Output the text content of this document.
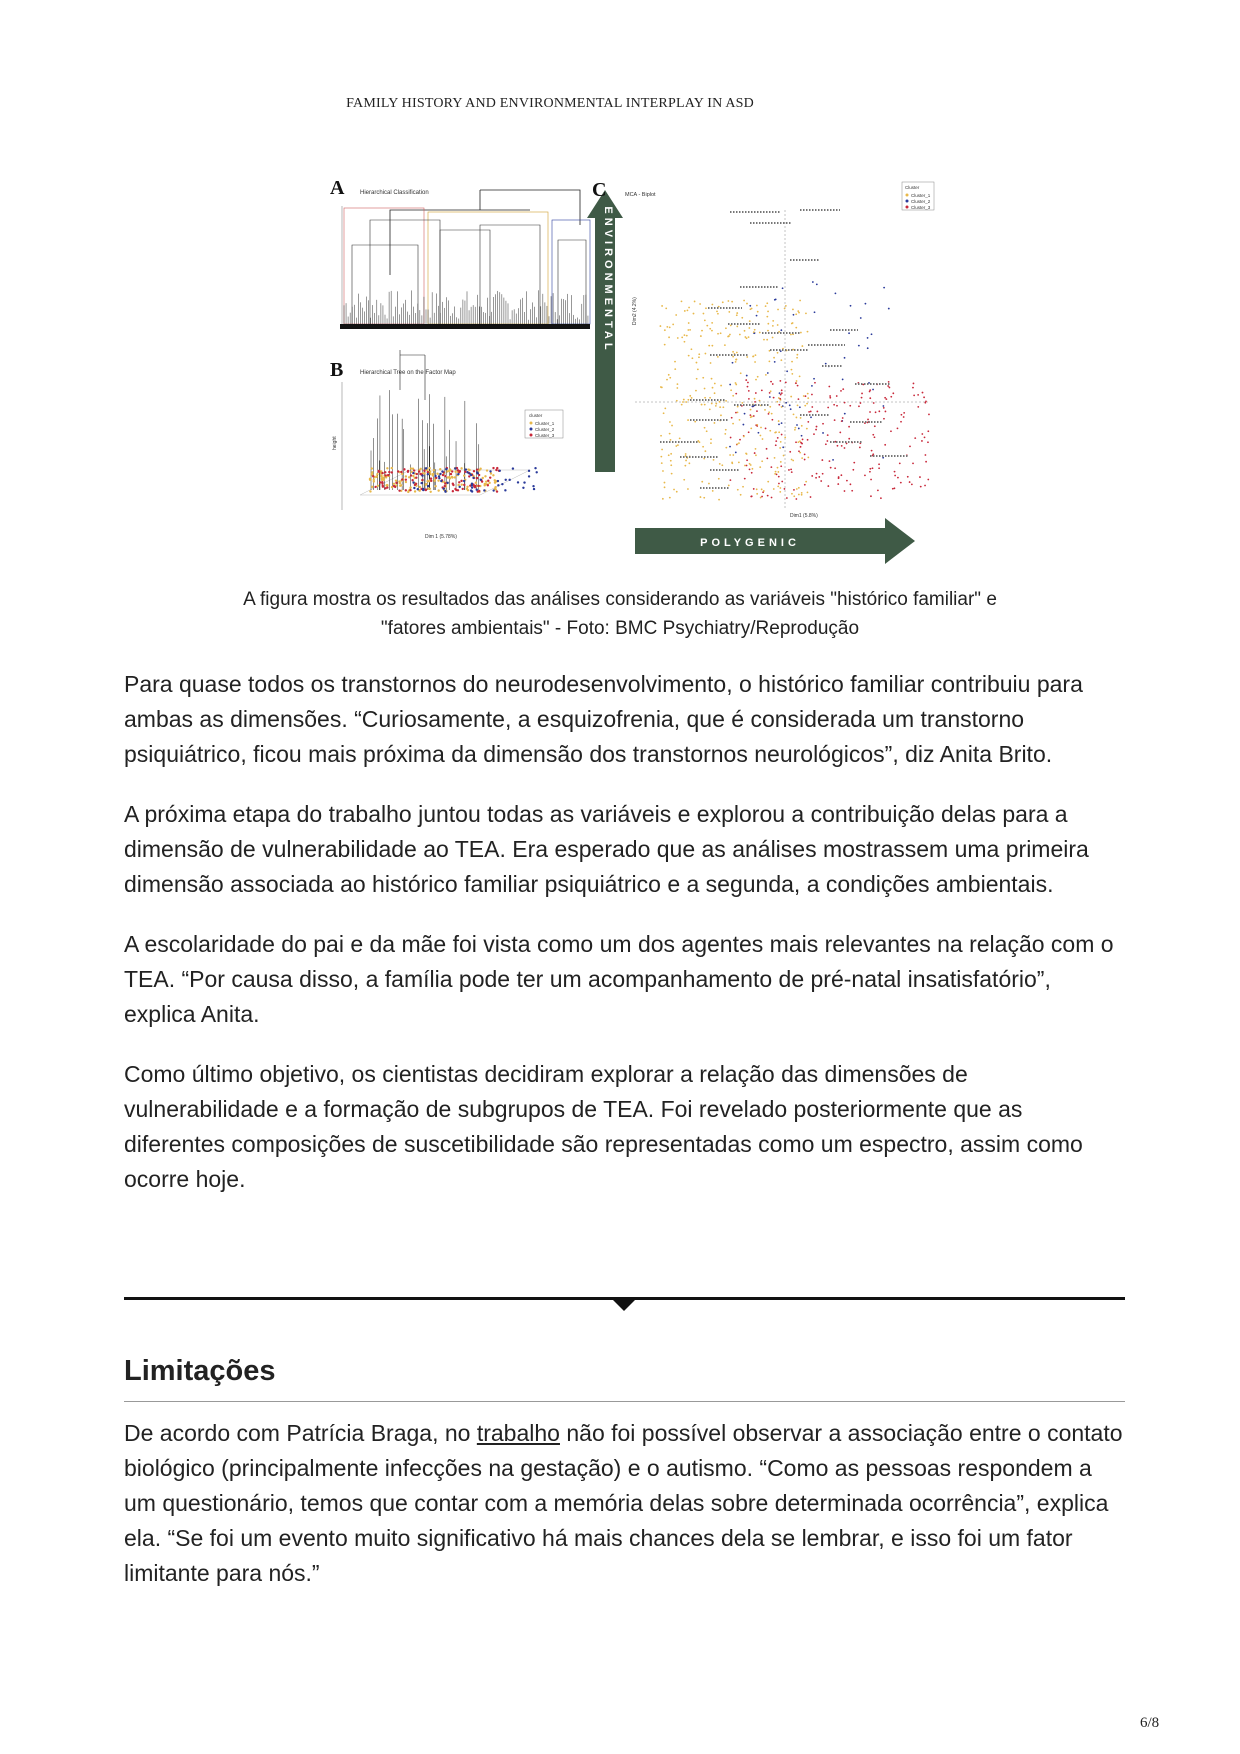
FAMILY HISTORY AND ENVIRONMENTAL INTERPLAY IN ASD
A	Hierarchical Classification
B	Hierarchical Tree on the Factor Map
height
Dim 1 (5.78%)
cluster
Cluster_1
Cluster_2
Cluster_3
ENVIRONMENTAL
C	MCA - Biplot
Dim1 (5.8%)
Dim2 (4.2%)
Cluster
Cluster_1
Cluster_2
Cluster_3
POLYGENIC
A figura mostra os resultados das análises considerando as variáveis "histórico familiar" e
"fatores ambientais" - Foto: BMC Psychiatry/Reprodução

Para quase todos os transtornos do neurodesenvolvimento, o histórico familiar contribuiu para ambas as dimensões. “Curiosamente, a esquizofrenia, que é considerada um transtorno psiquiátrico, ficou mais próxima da dimensão dos transtornos neurológicos”, diz Anita Brito.

A próxima etapa do trabalho juntou todas as variáveis e explorou a contribuição delas para a dimensão de vulnerabilidade ao TEA. Era esperado que as análises mostrassem uma primeira dimensão associada ao histórico familiar psiquiátrico e a segunda, a condições ambientais.

A escolaridade do pai e da mãe foi vista como um dos agentes mais relevantes na relação com o TEA. “Por causa disso, a família pode ter um acompanhamento de pré-natal insatisfatório”, explica Anita.

Como último objetivo, os cientistas decidiram explorar a relação das dimensões de vulnerabilidade e a formação de subgrupos de TEA. Foi revelado posteriormente que as diferentes composições de suscetibilidade são representadas como um espectro, assim como ocorre hoje.

Limitações

De acordo com Patrícia Braga, no trabalho não foi possível observar a associação entre o contato biológico (principalmente infecções na gestação) e o autismo. “Como as pessoas respondem a um questionário, temos que contar com a memória delas sobre determinada ocorrência”, explica ela. “Se foi um evento muito significativo há mais chances dela se lembrar, e isso foi um fator limitante para nós.”

6/8
